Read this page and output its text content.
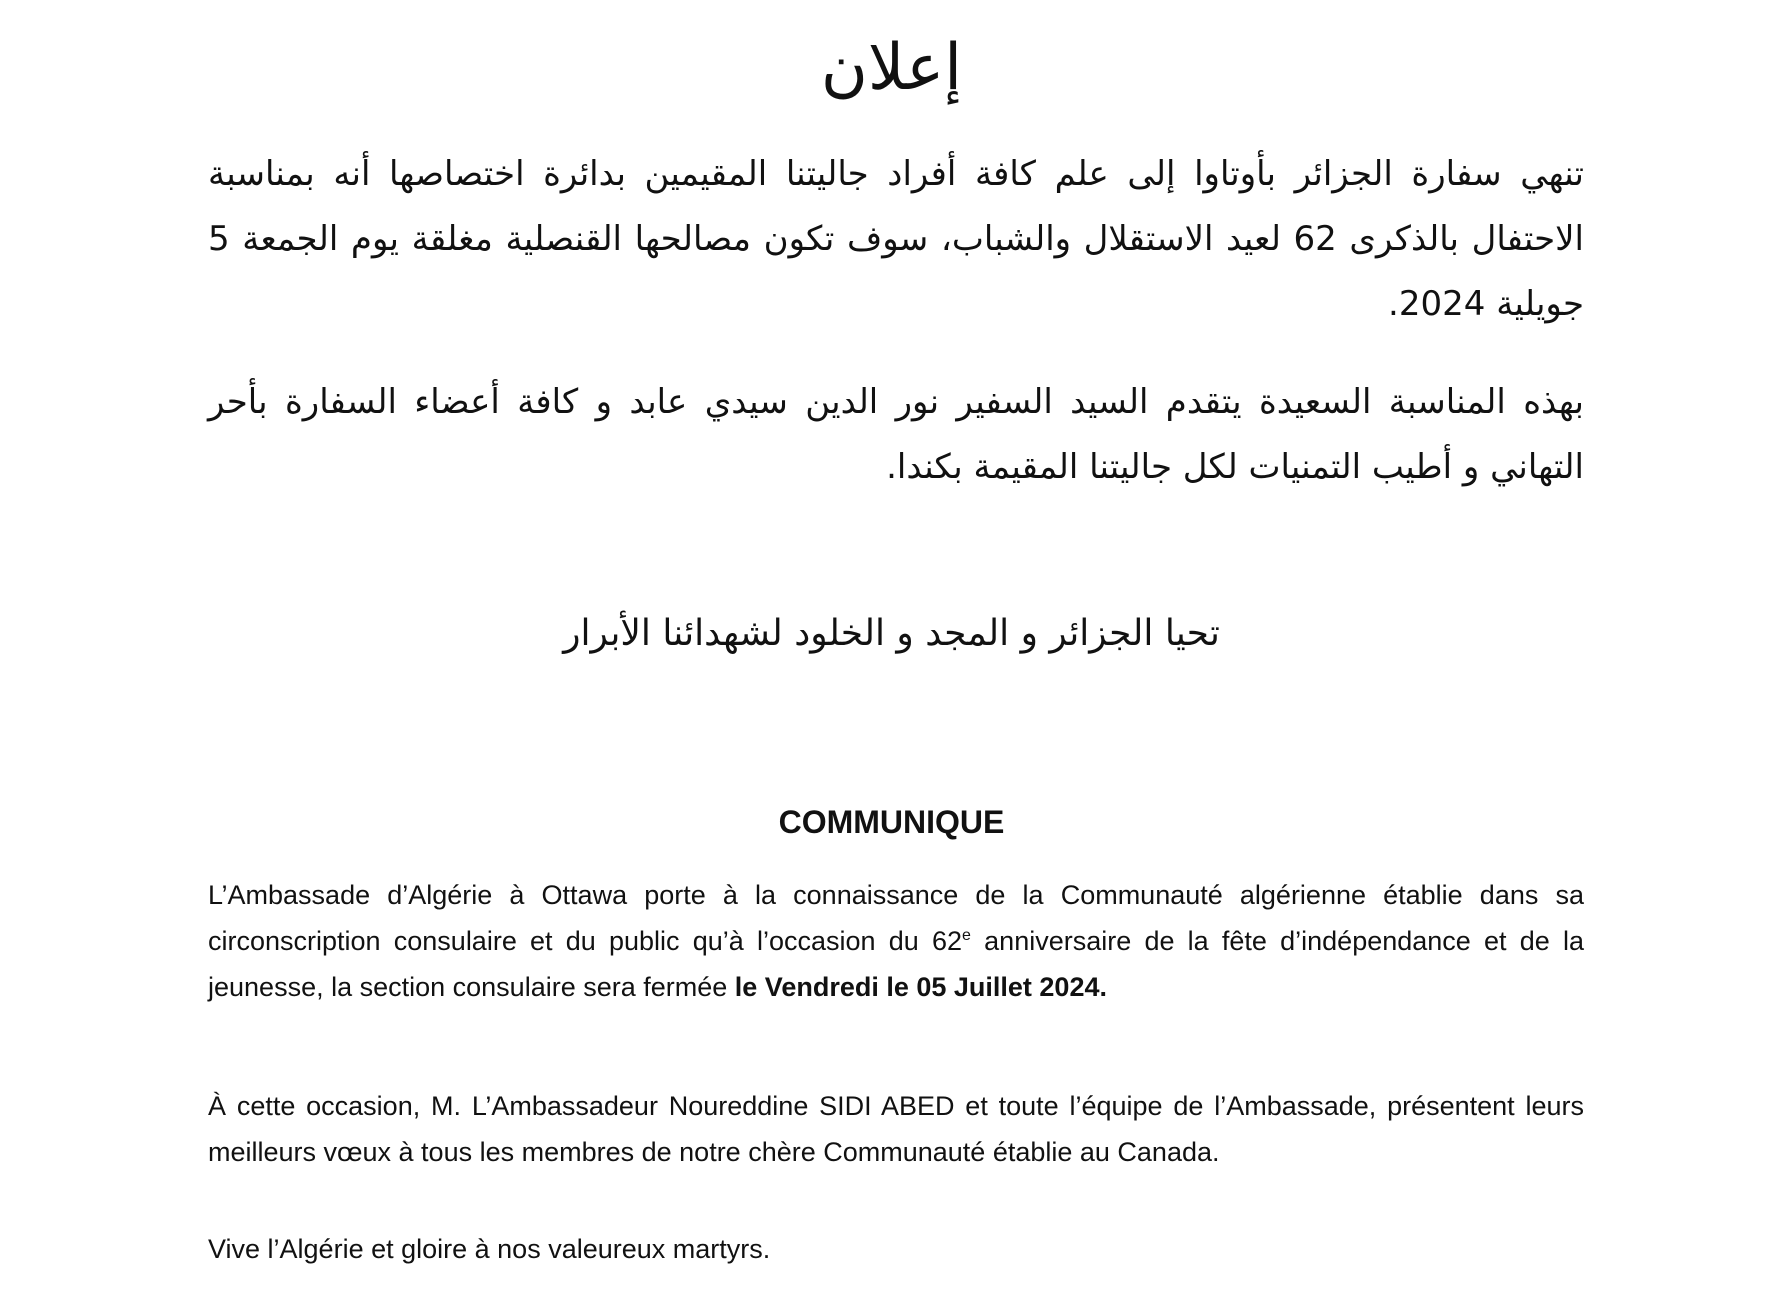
إعلان
تنهي سفارة الجزائر بأوتاوا إلى علم كافة أفراد جاليتنا المقيمين بدائرة اختصاصها أنه بمناسبة الاحتفال بالذكرى 62 لعيد الاستقلال والشباب، سوف تكون مصالحها القنصلية مغلقة يوم الجمعة 5 جويلية 2024.
بهذه المناسبة السعيدة يتقدم السيد السفير نور الدين سيدي عابد و كافة أعضاء السفارة بأحر التهاني و أطيب التمنيات لكل جاليتنا المقيمة بكندا.
تحيا الجزائر و المجد و الخلود لشهدائنا الأبرار
COMMUNIQUE
L’Ambassade d’Algérie à Ottawa porte à la connaissance de la Communauté algérienne établie dans sa circonscription consulaire et du public qu’à l’occasion du 62e anniversaire de la fête d’indépendance et de la jeunesse, la section consulaire sera fermée le Vendredi le 05 Juillet 2024.
À cette occasion, M. L’Ambassadeur Noureddine SIDI ABED et toute l’équipe de l’Ambassade, présentent leurs meilleurs vœux à tous les membres de notre chère Communauté établie au Canada.
Vive l’Algérie et gloire à nos valeureux martyrs.
